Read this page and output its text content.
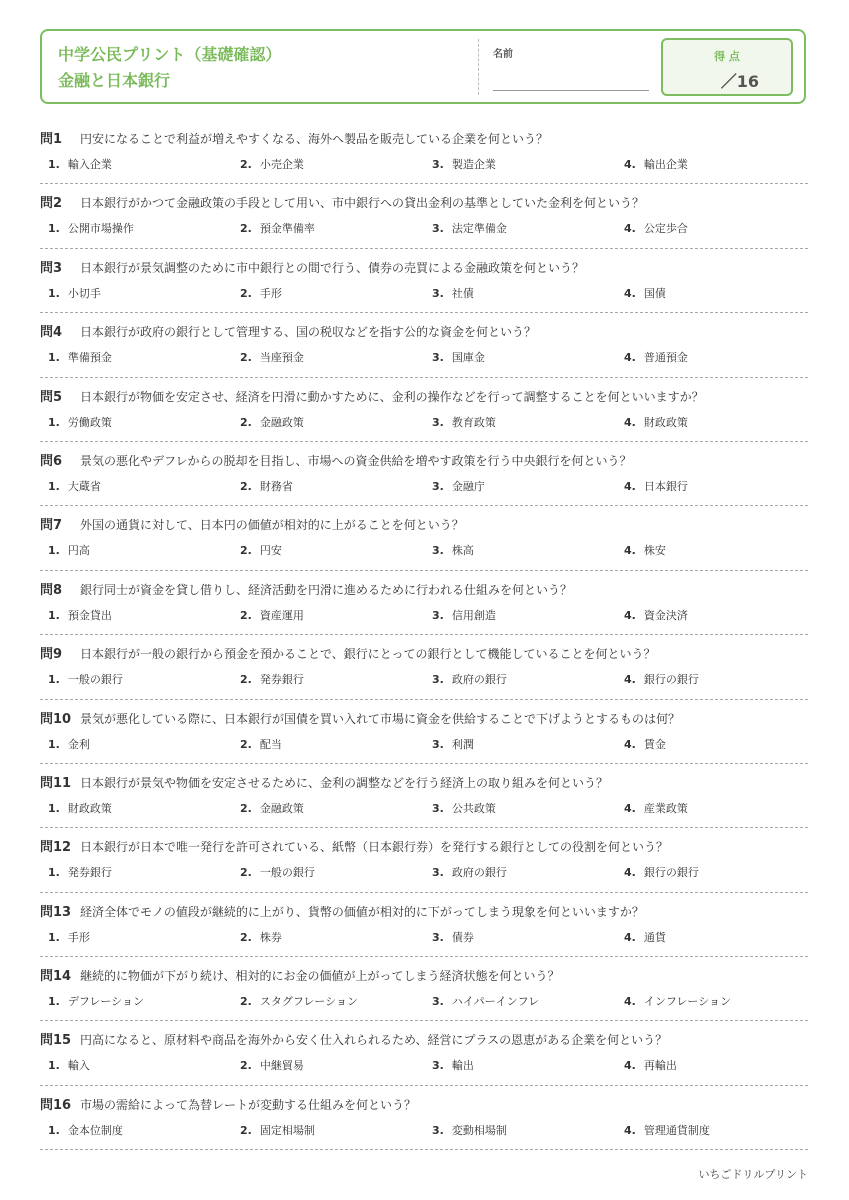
中学公民プリント（基礎確認）
金融と日本銀行
名前	得 点
／16
問1 円安になることで利益が増えやすくなる、海外へ製品を販売している企業を何という？
1. 輸入企業	2. 小売企業	3. 製造企業	4. 輸出企業
問2 日本銀行がかつて金融政策の手段として用い、市中銀行への貸出金利の基準としていた金利を何という？
1. 公開市場操作	2. 預金準備率	3. 法定準備金	4. 公定歩合
問3 日本銀行が景気調整のために市中銀行との間で行う、債券の売買による金融政策を何という？
1. 小切手	2. 手形	3. 社債	4. 国債
問4 日本銀行が政府の銀行として管理する、国の税収などを指す公的な資金を何という？
1. 準備預金	2. 当座預金	3. 国庫金	4. 普通預金
問5 日本銀行が物価を安定させ、経済を円滑に動かすために、金利の操作などを行って調整することを何といいますか？
1. 労働政策	2. 金融政策	3. 教育政策	4. 財政政策
問6 景気の悪化やデフレからの脱却を目指し、市場への資金供給を増やす政策を行う中央銀行を何という？
1. 大蔵省	2. 財務省	3. 金融庁	4. 日本銀行
問7 外国の通貨に対して、日本円の価値が相対的に上がることを何という？
1. 円高	2. 円安	3. 株高	4. 株安
問8 銀行同士が資金を貸し借りし、経済活動を円滑に進めるために行われる仕組みを何という？
1. 預金貸出	2. 資産運用	3. 信用創造	4. 資金決済
問9 日本銀行が一般の銀行から預金を預かることで、銀行にとっての銀行として機能していることを何という？
1. 一般の銀行	2. 発券銀行	3. 政府の銀行	4. 銀行の銀行
問10 景気が悪化している際に、日本銀行が国債を買い入れて市場に資金を供給することで下げようとするものは何？
1. 金利	2. 配当	3. 利潤	4. 賃金
問11 日本銀行が景気や物価を安定させるために、金利の調整などを行う経済上の取り組みを何という？
1. 財政政策	2. 金融政策	3. 公共政策	4. 産業政策
問12 日本銀行が日本で唯一発行を許可されている、紙幣（日本銀行券）を発行する銀行としての役割を何という？
1. 発券銀行	2. 一般の銀行	3. 政府の銀行	4. 銀行の銀行
問13 経済全体でモノの値段が継続的に上がり、貨幣の価値が相対的に下がってしまう現象を何といいますか？
1. 手形	2. 株券	3. 債券	4. 通貨
問14 継続的に物価が下がり続け、相対的にお金の価値が上がってしまう経済状態を何という？
1. デフレーション	2. スタグフレーション	3. ハイパーインフレ	4. インフレーション
問15 円高になると、原材料や商品を海外から安く仕入れられるため、経営にプラスの恩恵がある企業を何という？
1. 輸入	2. 中継貿易	3. 輸出	4. 再輸出
問16 市場の需給によって為替レートが変動する仕組みを何という？
1. 金本位制度	2. 固定相場制	3. 変動相場制	4. 管理通貨制度
いちごドリルプリント
